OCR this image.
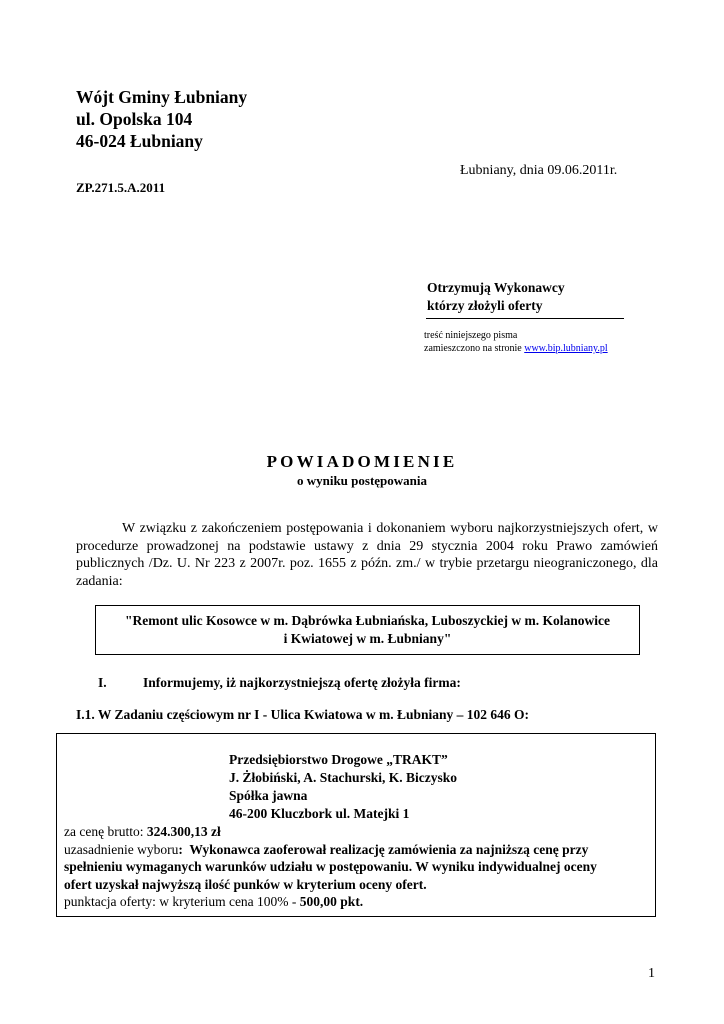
Wójt Gminy Łubniany
ul. Opolska 104
46-024 Łubniany
Łubniany, dnia 09.06.2011r.
ZP.271.5.A.2011
Otrzymują Wykonawcy
którzy złożyli oferty
treść niniejszego pisma
zamieszczono na stronie www.bip.lubniany.pl
POWIADOMIENIE
o wyniku postępowania
W związku z zakończeniem postępowania i dokonaniem wyboru najkorzystniejszych ofert, w procedurze prowadzonej na podstawie ustawy z dnia 29 stycznia 2004 roku Prawo zamówień publicznych /Dz. U. Nr 223 z 2007r. poz. 1655 z późn. zm./ w trybie przetargu nieograniczonego, dla zadania:
"Remont ulic Kosowce w m. Dąbrówka Łubniańska, Luboszyckiej w m. Kolanowice
i Kwiatowej w m. Łubniany"
I.	Informujemy, iż najkorzystniejszą ofertę złożyła firma:
I.1. W Zadaniu częściowym nr I - Ulica Kwiatowa w m. Łubniany – 102 646 O:
Przedsiębiorstwo Drogowe „TRAKT”
J. Żłobiński, A. Stachurski, K. Biczysko
Spółka jawna
46-200 Kluczbork ul. Matejki 1
za cenę brutto: 324.300,13 zł
uzasadnienie wyboru:  Wykonawca zaoferował realizację zamówienia za najniższą cenę przy
spełnieniu wymaganych warunków udziału w postępowaniu. W wyniku indywidualnej oceny
ofert uzyskał najwyższą ilość punków w kryterium oceny ofert.
punktacja oferty: w kryterium cena 100% - 500,00 pkt.
1
